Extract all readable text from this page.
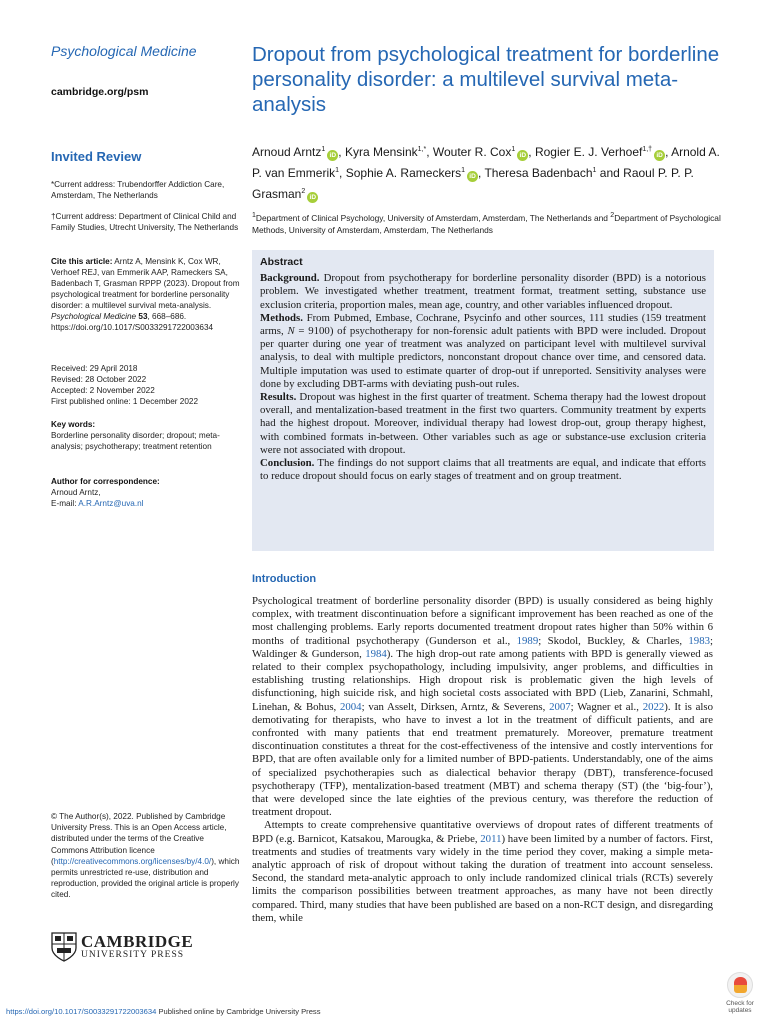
Psychological Medicine
cambridge.org/psm
Invited Review
*Current address: Trubendorffer Addiction Care, Amsterdam, The Netherlands
†Current address: Department of Clinical Child and Family Studies, Utrecht University, The Netherlands
Cite this article: Arntz A, Mensink K, Cox WR, Verhoef REJ, van Emmerik AAP, Rameckers SA, Badenbach T, Grasman RPPP (2023). Dropout from psychological treatment for borderline personality disorder: a multilevel survival meta-analysis. Psychological Medicine 53, 668–686. https://doi.org/10.1017/S0033291722003634
Received: 29 April 2018
Revised: 28 October 2022
Accepted: 2 November 2022
First published online: 1 December 2022
Key words:
Borderline personality disorder; dropout; meta-analysis; psychotherapy; treatment retention
Author for correspondence:
Arnoud Arntz,
E-mail: A.R.Arntz@uva.nl
Dropout from psychological treatment for borderline personality disorder: a multilevel survival meta-analysis
Arnoud Arntz$^1$iD , Kyra Mensink$^{1,*}$, Wouter R. Cox$^1$iD , Rogier E. J. Verhoef$^{1,\dagger}$iD , Arnold A. P. van Emmerik$^1$, Sophie A. Rameckers$^1$iD , Theresa Badenbach$^1$ and Raoul P. P. P. Grasman$^2$iD
$^1$Department of Clinical Psychology, University of Amsterdam, Amsterdam, The Netherlands and $^2$Department of Psychological Methods, University of Amsterdam, Amsterdam, The Netherlands
Abstract

Background. Dropout from psychotherapy for borderline personality disorder (BPD) is a notorious problem. We investigated whether treatment, treatment format, treatment setting, substance use exclusion criteria, proportion males, mean age, country, and other variables influenced dropout.

Methods. From Pubmed, Embase, Cochrane, Psycinfo and other sources, 111 studies (159 treatment arms, N = 9100) of psychotherapy for non-forensic adult patients with BPD were included. Dropout per quarter during one year of treatment was analyzed on participant level with multilevel survival analysis, to deal with multiple predictors, nonconstant dropout chance over time, and censored data. Multiple imputation was used to estimate quarter of drop-out if unreported. Sensitivity analyses were done by excluding DBT-arms with deviating push-out rules.

Results. Dropout was highest in the first quarter of treatment. Schema therapy had the lowest dropout overall, and mentalization-based treatment in the first two quarters. Community treatment by experts had the highest dropout. Moreover, individual therapy had lowest drop-out, group therapy highest, with combined formats in-between. Other variables such as age or substance-use exclusion criteria were not associated with dropout.

Conclusion. The findings do not support claims that all treatments are equal, and indicate that efforts to reduce dropout should focus on early stages of treatment and on group treatment.

Introduction

Psychological treatment of borderline personality disorder (BPD) is usually considered as being highly complex, with treatment discontinuation before a significant improvement has been reached as one of the most challenging problems. Early reports documented treatment dropout rates higher than 50% within 6 months of traditional psychotherapy (Gunderson et al., 1989; Skodol, Buckley, & Charles, 1983; Waldinger & Gunderson, 1984). The high drop-out rate among patients with BPD is generally viewed as related to their complex psychopathology, including impulsivity, anger problems, and difficulties in establishing trusting relationships. High dropout risk is problematic given the high levels of disfunctioning, high suicide risk, and high societal costs associated with BPD (Lieb, Zanarini, Schmahl, Linehan, & Bohus, 2004; van Asselt, Dirksen, Arntz, & Severens, 2007; Wagner et al., 2022). It is also demotivating for therapists, who have to invest a lot in the treatment of difficult patients, and are confronted with many patients that end treatment prematurely. Moreover, premature treatment discontinuation constitutes a threat for the cost-effectiveness of the intensive and costly interventions for BPD, that are often available only for a limited number of BPD-patients. Understandably, one of the aims of specialized psychotherapies such as dialectical behavior therapy (DBT), transference-focused psychotherapy (TFP), mentalization-based treatment (MBT) and schema therapy (ST) (the ‘big-four’), that were developed since the late eighties of the previous century, was therefore the reduction of treatment dropout.

Attempts to create comprehensive quantitative overviews of dropout rates of different treatments of BPD (e.g. Barnicot, Katsakou, Marougka, & Priebe, 2011) have been limited by a number of factors. First, treatments and studies of treatments vary widely in the time period they cover, making a simple meta-analytic approach of risk of dropout without taking the duration of treatment into account senseless. Second, the standard meta-analytic approach to only include randomized clinical trials (RCTs) severely limits the comparison possibilities between treatment approaches, as many have not been directly compared. Third, many studies that have been published are based on a non-RCT design, and disregarding them, while

© The Author(s), 2022. Published by Cambridge University Press. This is an Open Access article, distributed under the terms of the Creative Commons Attribution licence (http://creativecommons.org/licenses/by/4.0/), which permits unrestricted re-use, distribution and reproduction, provided the original article is properly cited.
CAMBRIDGE
UNIVERSITY PRESS
https://doi.org/10.1017/S0033291722003634 Published online by Cambridge University Press
Check for
updates
